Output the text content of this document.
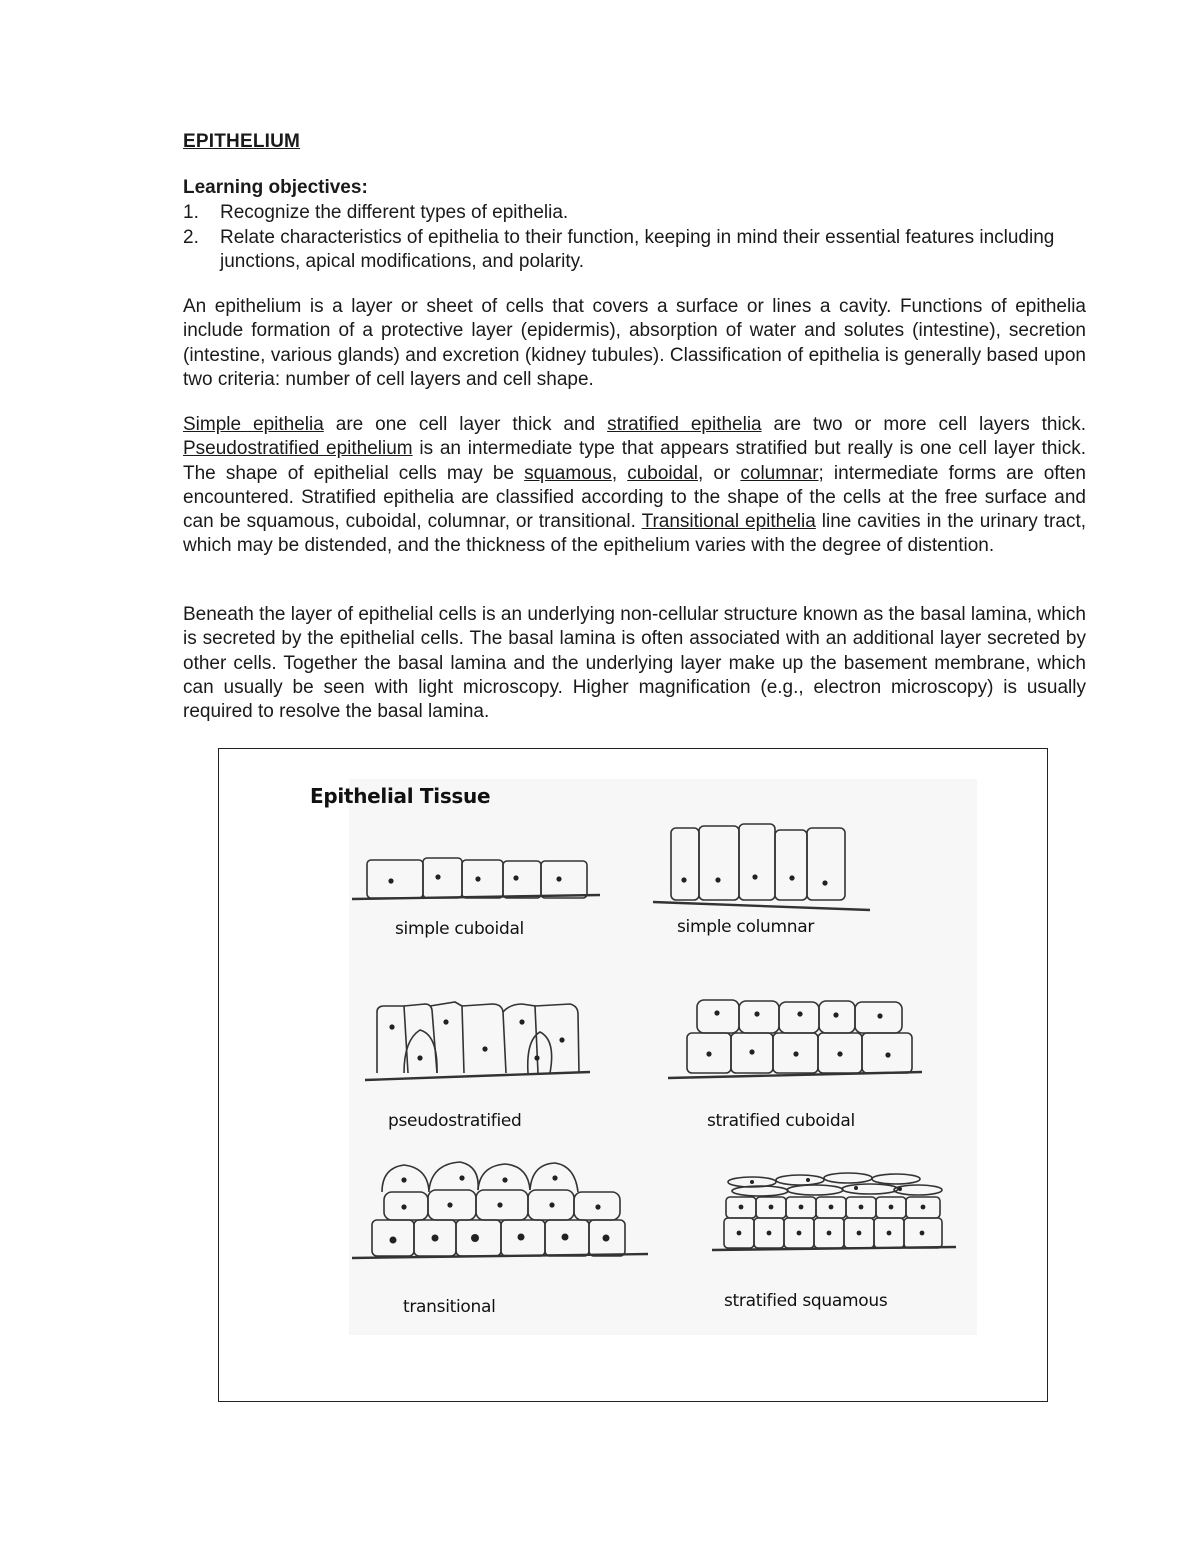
EPITHELIUM
Learning objectives:
1. Recognize the different types of epithelia.
2. Relate characteristics of epithelia to their function, keeping in mind their essential features including junctions, apical modifications, and polarity.

An epithelium is a layer or sheet of cells that covers a surface or lines a cavity. Functions of epithelia include formation of a protective layer (epidermis), absorption of water and solutes (intestine), secretion (intestine, various glands) and excretion (kidney tubules). Classification of epithelia is generally based upon two criteria: number of cell layers and cell shape.

Simple epithelia are one cell layer thick and stratified epithelia are two or more cell layers thick. Pseudostratified epithelium is an intermediate type that appears stratified but really is one cell layer thick. The shape of epithelial cells may be squamous, cuboidal, or columnar; intermediate forms are often encountered. Stratified epithelia are classified according to the shape of the cells at the free surface and can be squamous, cuboidal, columnar, or transitional. Transitional epithelia line cavities in the urinary tract, which may be distended, and the thickness of the epithelium varies with the degree of distention.

Beneath the layer of epithelial cells is an underlying non-cellular structure known as the basal lamina, which is secreted by the epithelial cells. The basal lamina is often associated with an additional layer secreted by other cells. Together the basal lamina and the underlying layer make up the basement membrane, which can usually be seen with light microscopy. Higher magnification (e.g., electron microscopy) is usually required to resolve the basal lamina.

Epithelial Tissue
simple cuboidal	simple columnar
pseudostratified	stratified cuboidal
transitional	stratified squamous
